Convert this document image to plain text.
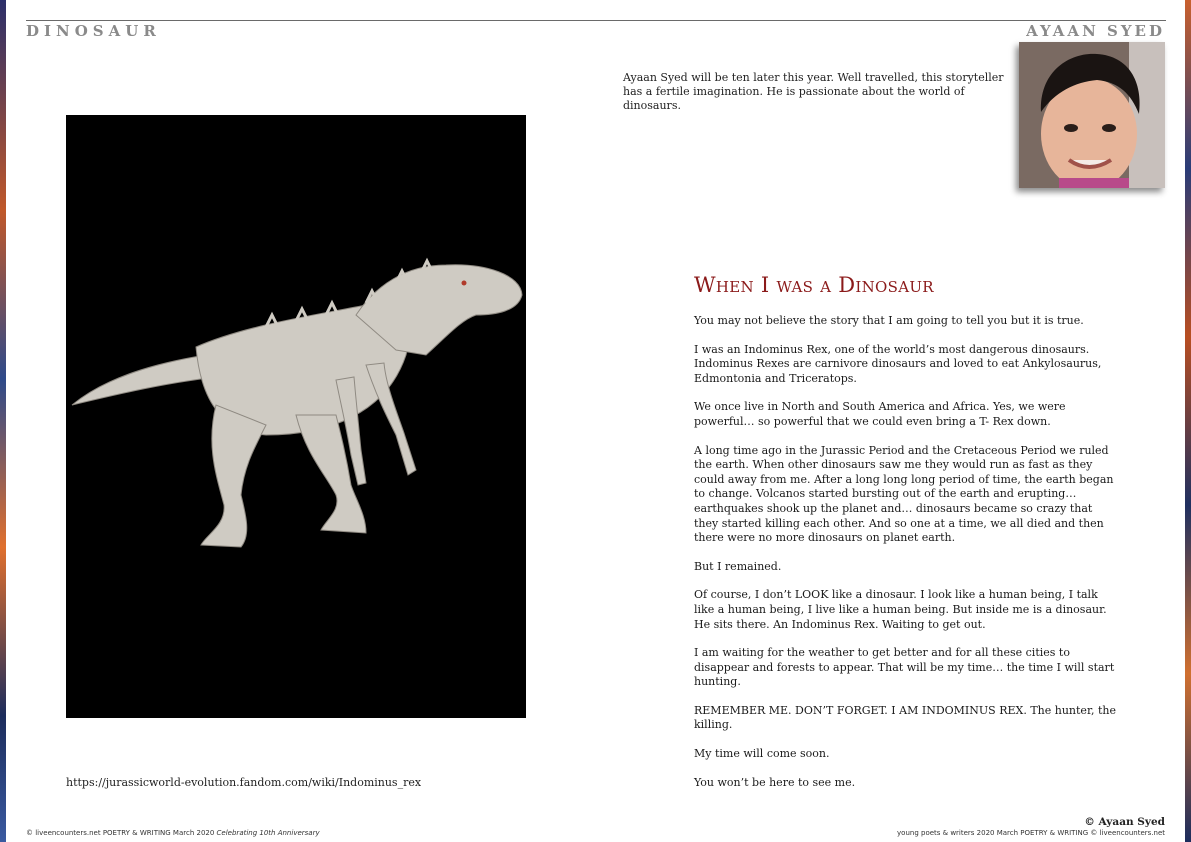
DINOSAUR	AYAAN SYED
Ayaan Syed will be ten later this year. Well travelled, this storyteller has a fertile imagination. He is passionate about the world of dinosaurs.
https://jurassicworld-evolution.fandom.com/wiki/Indominus_rex
When I was a Dinosaur

You may not believe the story that I am going to tell you but it is true.

I was an Indominus Rex, one of the world’s most dangerous dinosaurs. Indominus Rexes are carnivore dinosaurs and loved to eat Ankylosaurus, Edmontonia and Triceratops.

We once live in North and South America and Africa. Yes, we were powerful… so powerful that we could even bring a T- Rex down.

A long time ago in the Jurassic Period and the Cretaceous Period we ruled the earth. When other dinosaurs saw me they would run as fast as they could away from me. After a long long long period of time, the earth began to change. Volcanos started bursting out of the earth and erupting… earthquakes shook up the planet and… dinosaurs became so crazy that they started killing each other. And so one at a time, we all died and then there were no more dinosaurs on planet earth.

But I remained.

Of course, I don’t LOOK like a dinosaur. I look like a human being, I talk like a human being, I live like a human being. But inside me is a dinosaur. He sits there. An Indominus Rex. Waiting to get out.

I am waiting for the weather to get better and for all these cities to disappear and forests to appear. That will be my time… the time I will start hunting.

REMEMBER ME. DON’T FORGET. I AM INDOMINUS REX. The hunter, the killing.

My time will come soon.

You won’t be here to see me.

© Ayaan Syed
© liveencounters.net POETRY & WRITING March 2020 Celebrating 10th Anniversary	young poets & writers 2020 March POETRY & WRITING © liveencounters.net
